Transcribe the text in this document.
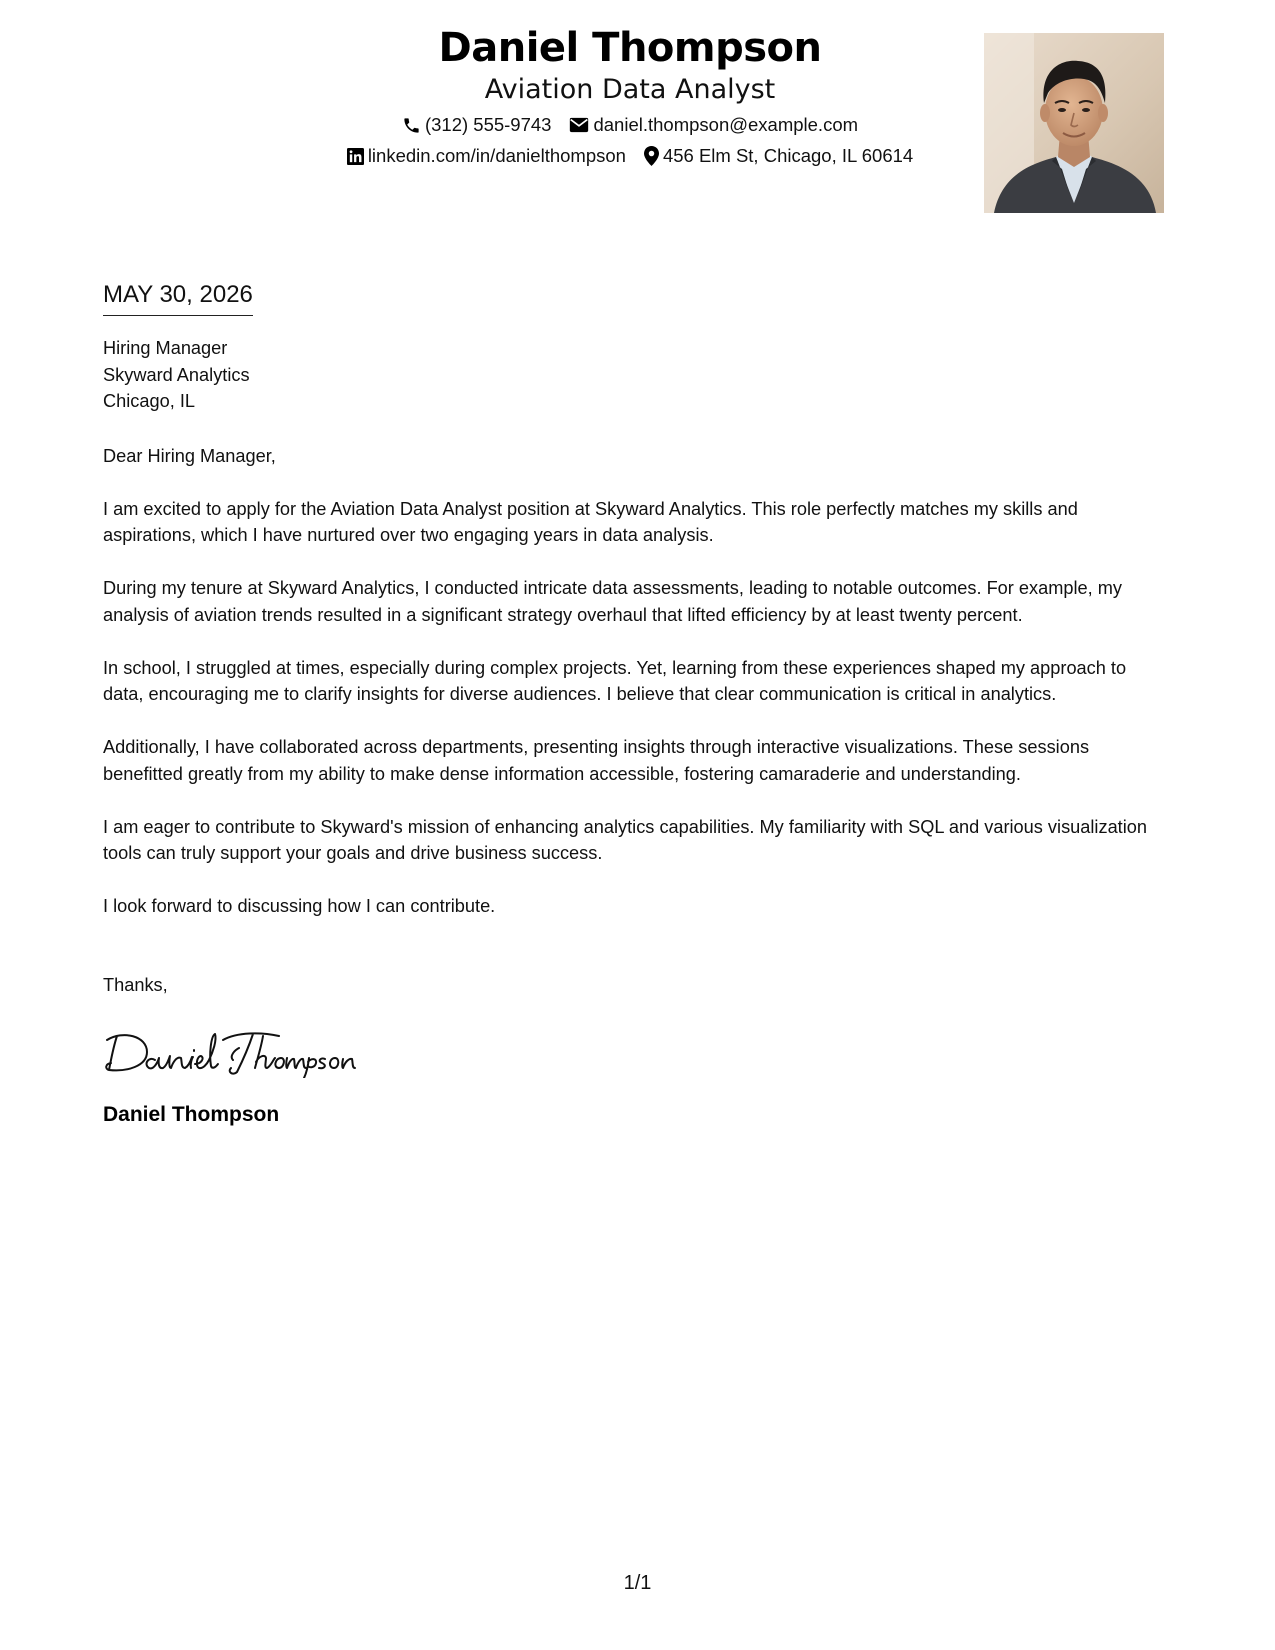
Daniel Thompson
Aviation Data Analyst
(312) 555-9743 daniel.thompson@example.com
linkedin.com/in/danielthompson 456 Elm St, Chicago, IL 60614
MAY 30, 2026
Hiring Manager
Skyward Analytics
Chicago, IL
Dear Hiring Manager,
I am excited to apply for the Aviation Data Analyst position at Skyward Analytics. This role perfectly matches my skills and aspirations, which I have nurtured over two engaging years in data analysis.
During my tenure at Skyward Analytics, I conducted intricate data assessments, leading to notable outcomes. For example, my analysis of aviation trends resulted in a significant strategy overhaul that lifted efficiency by at least twenty percent.
In school, I struggled at times, especially during complex projects. Yet, learning from these experiences shaped my approach to data, encouraging me to clarify insights for diverse audiences. I believe that clear communication is critical in analytics.
Additionally, I have collaborated across departments, presenting insights through interactive visualizations. These sessions benefitted greatly from my ability to make dense information accessible, fostering camaraderie and understanding.
I am eager to contribute to Skyward's mission of enhancing analytics capabilities. My familiarity with SQL and various visualization tools can truly support your goals and drive business success.
I look forward to discussing how I can contribute.
Thanks,
Daniel Thompson
1/1
